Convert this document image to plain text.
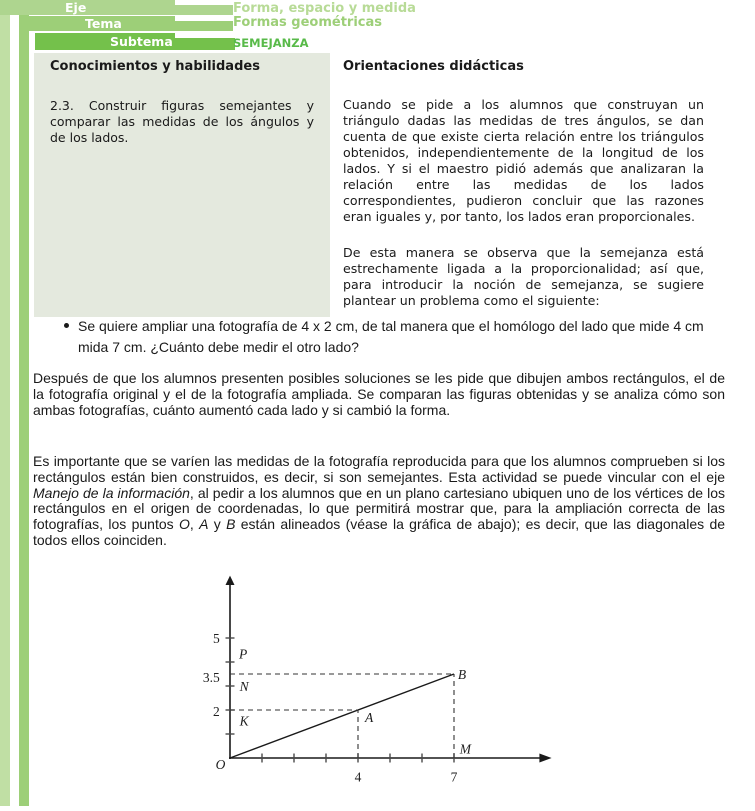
Eje	Forma, espacio y medida
Tema	Formas geométricas
Subtema	SEMEJANZA
Conocimientos y habilidades
2.3. Construir figuras semejantes y comparar las medidas de los ángulos y de los lados.
Orientaciones didácticas
Cuando se pide a los alumnos que construyan un triángulo dadas las medidas de tres ángulos, se dan cuenta de que existe cierta relación entre los triángulos obtenidos, independientemente de la longitud de los lados. Y si el maestro pidió además que analizaran la relación entre las medidas de los lados correspondientes, pudieron concluir que las razones eran iguales y, por tanto, los lados eran proporcionales.
De esta manera se observa que la semejanza está estrechamente ligada a la proporcionalidad; así que, para introducir la noción de semejanza, se sugiere plantear un problema como el siguiente:
Se quiere ampliar una fotografía de 4 x 2 cm, de tal manera que el homólogo del lado que mide 4 cm mida 7 cm. ¿Cuánto debe medir el otro lado?
Después de que los alumnos presenten posibles soluciones se les pide que dibujen ambos rectángulos, el de la fotografía original y el de la fotografía ampliada. Se comparan las figuras obtenidas y se analiza cómo son ambas fotografías, cuánto aumentó cada lado y si cambió la forma.
Es importante que se varíen las medidas de la fotografía reproducida para que los alumnos comprueben si los rectángulos están bien construidos, es decir, si son semejantes. Esta actividad se puede vincular con el eje Manejo de la información, al pedir a los alumnos que en un plano cartesiano ubiquen uno de los vértices de los rectángulos en el origen de coordenadas, lo que permitirá mostrar que, para la ampliación correcta de las fotografías, los puntos O, A y B están alineados (véase la gráfica de abajo); es decir, que las diagonales de todos ellos coinciden.
O
P
N
K	A
B
M
5
3.5
2
4	7
